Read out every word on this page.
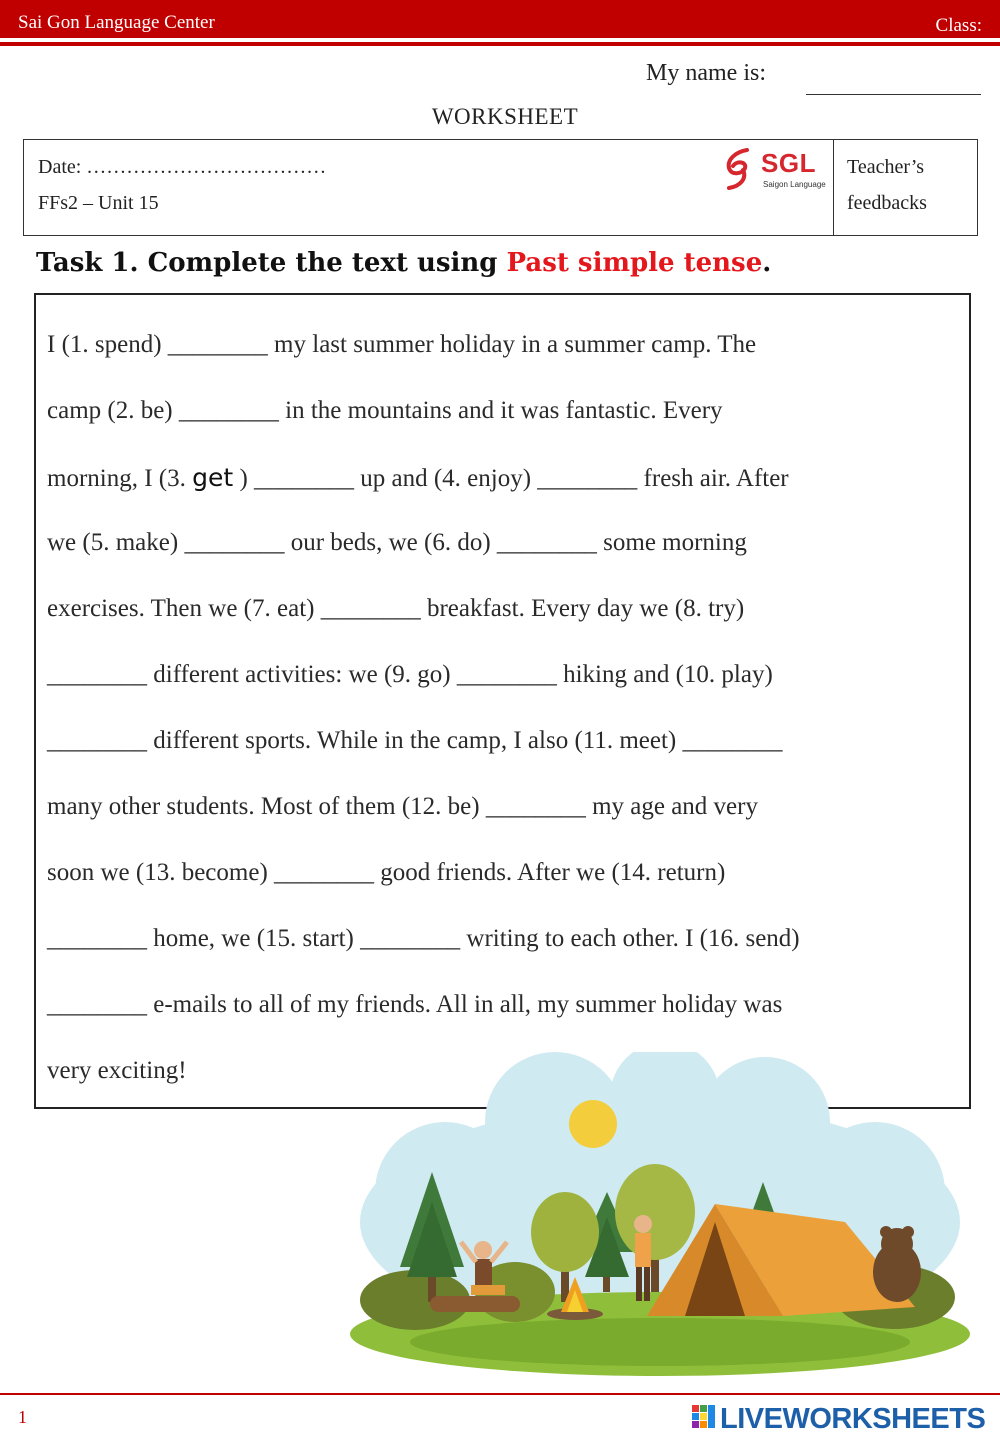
Sai Gon Language Center	Class:
My name is:
WORKSHEET
Date: ………………………………
FFs2 – Unit 15
SGL
Saigon Language
Teacher’s
feedbacks
Task 1. Complete the text using Past simple tense.
I (1. spend) ________ my last summer holiday in a summer camp. The
camp (2. be) ________ in the mountains and it was fantastic. Every
morning, I (3. get ) ________ up and (4. enjoy) ________ fresh air. After
we (5. make) ________ our beds, we (6. do) ________ some morning
exercises. Then we (7. eat) ________ breakfast. Every day we (8. try)
________ different activities: we (9. go) ________ hiking and (10. play)
________ different sports. While in the camp, I also (11. meet) ________
many other students. Most of them (12. be) ________ my age and very
soon we (13. become) ________ good friends. After we (14. return)
________ home, we (15. start) ________ writing to each other. I (16. send)
________ e-mails to all of my friends. All in all, my summer holiday was
very exciting!
1	LIVEWORKSHEETS
